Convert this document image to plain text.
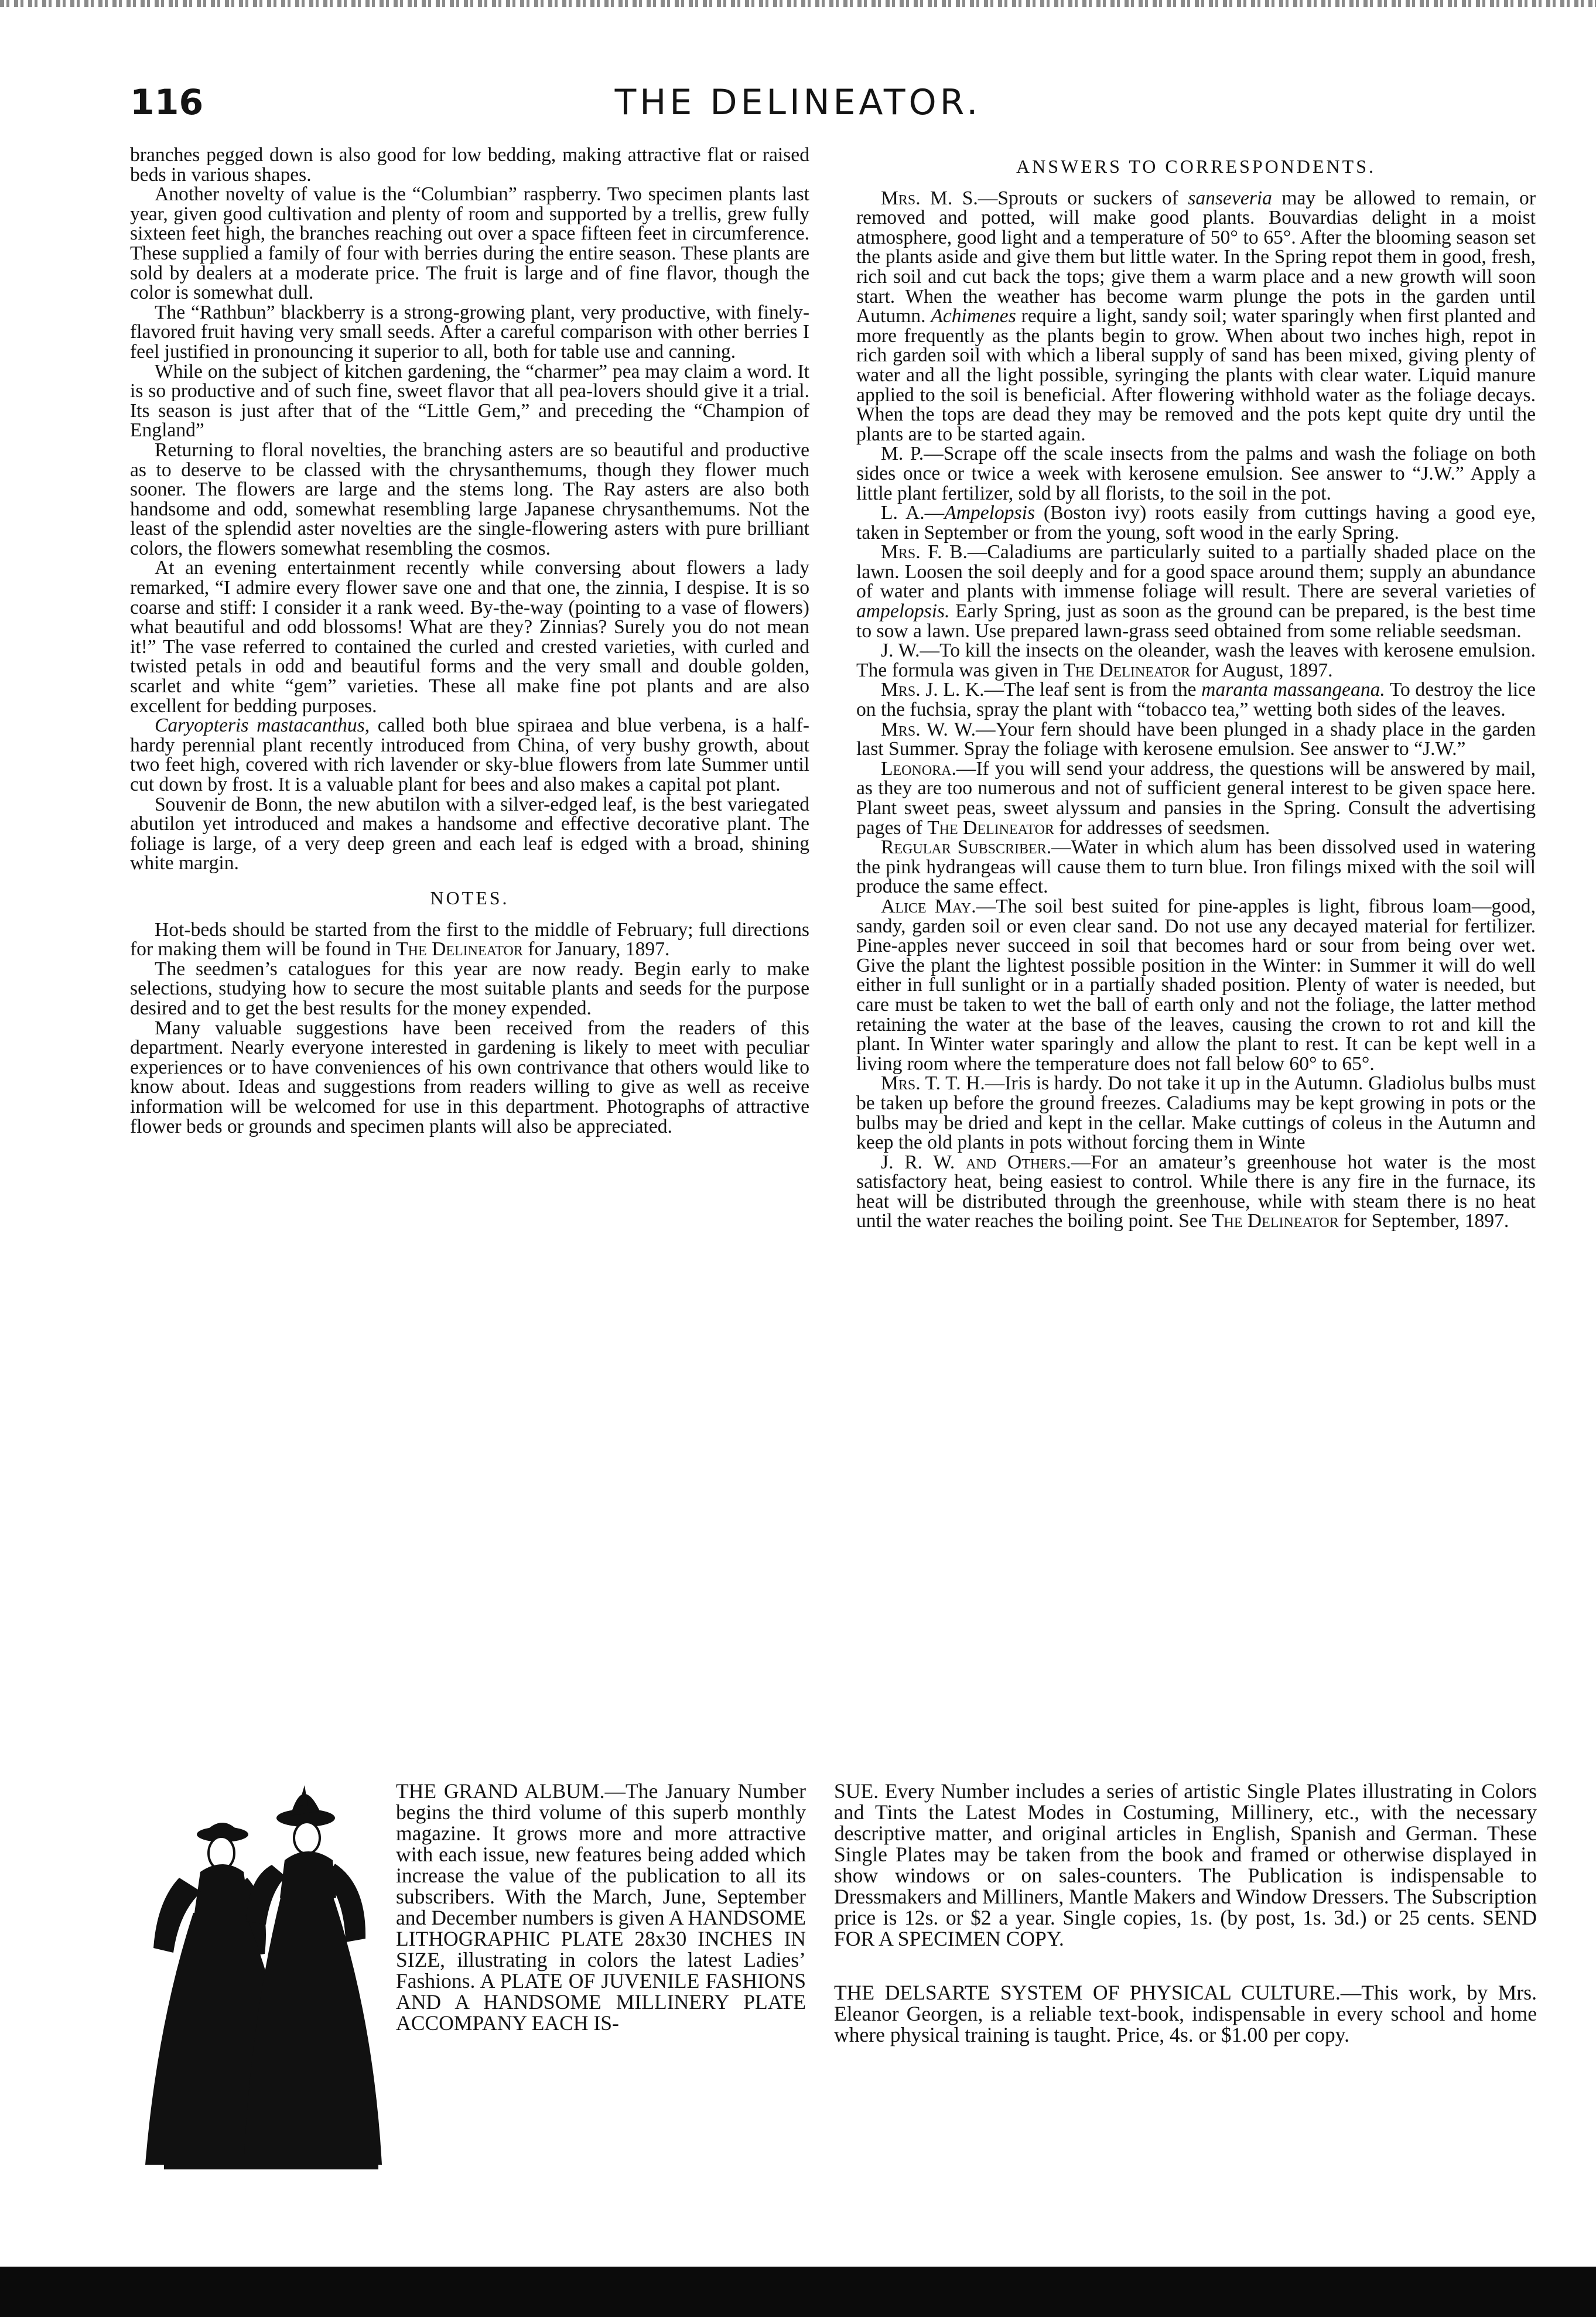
116	THE DELINEATOR.

branches pegged down is also good for low bedding, making attractive flat or raised beds in various shapes.

Another novelty of value is the “Columbian” raspberry. Two specimen plants last year, given good cultivation and plenty of room and supported by a trellis, grew fully sixteen feet high, the branches reaching out over a space fifteen feet in circumference. These supplied a family of four with berries during the entire season. These plants are sold by dealers at a moderate price. The fruit is large and of fine flavor, though the color is somewhat dull.

The “Rathbun” blackberry is a strong-growing plant, very productive, with finely-flavored fruit having very small seeds. After a careful comparison with other berries I feel justified in pronouncing it superior to all, both for table use and canning.

While on the subject of kitchen gardening, the “charmer” pea may claim a word. It is so productive and of such fine, sweet flavor that all pea-lovers should give it a trial. Its season is just after that of the “Little Gem,” and preceding the “Champion of England”

Returning to floral novelties, the branching asters are so beautiful and productive as to deserve to be classed with the chrysanthemums, though they flower much sooner. The flowers are large and the stems long. The Ray asters are also both handsome and odd, somewhat resembling large Japanese chrysanthemums. Not the least of the splendid aster novelties are the single-flowering asters with pure brilliant colors, the flowers somewhat resembling the cosmos.

At an evening entertainment recently while conversing about flowers a lady remarked, “I admire every flower save one and that one, the zinnia, I despise. It is so coarse and stiff: I consider it a rank weed. By-the-way (pointing to a vase of flowers) what beautiful and odd blossoms! What are they? Zinnias? Surely you do not mean it!” The vase referred to contained the curled and crested varieties, with curled and twisted petals in odd and beautiful forms and the very small and double golden, scarlet and white “gem” varieties. These all make fine pot plants and are also excellent for bedding purposes.

Caryopteris mastacanthus, called both blue spiraea and blue verbena, is a half-hardy perennial plant recently introduced from China, of very bushy growth, about two feet high, covered with rich lavender or sky-blue flowers from late Summer until cut down by frost. It is a valuable plant for bees and also makes a capital pot plant.

Souvenir de Bonn, the new abutilon with a silver-edged leaf, is the best variegated abutilon yet introduced and makes a handsome and effective decorative plant. The foliage is large, of a very deep green and each leaf is edged with a broad, shining white margin.

NOTES.

Hot-beds should be started from the first to the middle of February; full directions for making them will be found in The Delineator for January, 1897.

The seedmen’s catalogues for this year are now ready. Begin early to make selections, studying how to secure the most suitable plants and seeds for the purpose desired and to get the best results for the money expended.

Many valuable suggestions have been received from the readers of this department. Nearly everyone interested in gardening is likely to meet with peculiar experiences or to have conveniences of his own contrivance that others would like to know about. Ideas and suggestions from readers willing to give as well as receive information will be welcomed for use in this department. Photographs of attractive flower beds or grounds and specimen plants will also be appreciated.

ANSWERS TO CORRESPONDENTS.

Mrs. M. S.—Sprouts or suckers of sanseveria may be allowed to remain, or removed and potted, will make good plants. Bouvardias delight in a moist atmosphere, good light and a temperature of 50° to 65°. After the blooming season set the plants aside and give them but little water. In the Spring repot them in good, fresh, rich soil and cut back the tops; give them a warm place and a new growth will soon start. When the weather has become warm plunge the pots in the garden until Autumn. Achimenes require a light, sandy soil; water sparingly when first planted and more frequently as the plants begin to grow. When about two inches high, repot in rich garden soil with which a liberal supply of sand has been mixed, giving plenty of water and all the light possible, syringing the plants with clear water. Liquid manure applied to the soil is beneficial. After flowering withhold water as the foliage decays. When the tops are dead they may be removed and the pots kept quite dry until the plants are to be started again.

M. P.—Scrape off the scale insects from the palms and wash the foliage on both sides once or twice a week with kerosene emulsion. See answer to “J.W.” Apply a little plant fertilizer, sold by all florists, to the soil in the pot.

L. A.—Ampelopsis (Boston ivy) roots easily from cuttings having a good eye, taken in September or from the young, soft wood in the early Spring.

Mrs. F. B.—Caladiums are particularly suited to a partially shaded place on the lawn. Loosen the soil deeply and for a good space around them; supply an abundance of water and plants with immense foliage will result. There are several varieties of ampelopsis. Early Spring, just as soon as the ground can be prepared, is the best time to sow a lawn. Use prepared lawn-grass seed obtained from some reliable seedsman.

J. W.—To kill the insects on the oleander, wash the leaves with kerosene emulsion. The formula was given in The Delineator for August, 1897.

Mrs. J. L. K.—The leaf sent is from the maranta massangeana. To destroy the lice on the fuchsia, spray the plant with “tobacco tea,” wetting both sides of the leaves.

Mrs. W. W.—Your fern should have been plunged in a shady place in the garden last Summer. Spray the foliage with kerosene emulsion. See answer to “J.W.”

Leonora.—If you will send your address, the questions will be answered by mail, as they are too numerous and not of sufficient general interest to be given space here. Plant sweet peas, sweet alyssum and pansies in the Spring. Consult the advertising pages of The Delineator for addresses of seedsmen.

Regular Subscriber.—Water in which alum has been dissolved used in watering the pink hydrangeas will cause them to turn blue. Iron filings mixed with the soil will produce the same effect.

Alice May.—The soil best suited for pine-apples is light, fibrous loam—good, sandy, garden soil or even clear sand. Do not use any decayed material for fertilizer. Pine-apples never succeed in soil that becomes hard or sour from being over wet. Give the plant the lightest possible position in the Winter: in Summer it will do well either in full sunlight or in a partially shaded position. Plenty of water is needed, but care must be taken to wet the ball of earth only and not the foliage, the latter method retaining the water at the base of the leaves, causing the crown to rot and kill the plant. In Winter water sparingly and allow the plant to rest. It can be kept well in a living room where the temperature does not fall below 60° to 65°.

Mrs. T. T. H.—Iris is hardy. Do not take it up in the Autumn. Gladiolus bulbs must be taken up before the ground freezes. Caladiums may be kept growing in pots or the bulbs may be dried and kept in the cellar. Make cuttings of coleus in the Autumn and keep the old plants in pots without forcing them in Winte

J. R. W. and Others.—For an amateur’s greenhouse hot water is the most satisfactory heat, being easiest to control. While there is any fire in the furnace, its heat will be distributed through the greenhouse, while with steam there is no heat until the water reaches the boiling point. See The Delineator for September, 1897.

THE GRAND ALBUM.—The January Number begins the third volume of this superb monthly magazine. It grows more and more attractive with each issue, new features being added which increase the value of the publication to all its subscribers. With the March, June, September and December numbers is given A HANDSOME LITHOGRAPHIC PLATE 28x30 INCHES IN SIZE, illustrating in colors the latest Ladies’ Fashions. A PLATE OF JUVENILE FASHIONS AND A HANDSOME MILLINERY PLATE ACCOMPANY EACH IS-

SUE. Every Number includes a series of artistic Single Plates illustrating in Colors and Tints the Latest Modes in Costuming, Millinery, etc., with the necessary descriptive matter, and original articles in English, Spanish and German. These Single Plates may be taken from the book and framed or otherwise displayed in show windows or on sales-counters. The Publication is indispensable to Dressmakers and Milliners, Mantle Makers and Window Dressers. The Subscription price is 12s. or $2 a year. Single copies, 1s. (by post, 1s. 3d.) or 25 cents. SEND FOR A SPECIMEN COPY.

THE DELSARTE SYSTEM OF PHYSICAL CULTURE.—This work, by Mrs. Eleanor Georgen, is a reliable text-book, indispensable in every school and home where physical training is taught. Price, 4s. or $1.00 per copy.
